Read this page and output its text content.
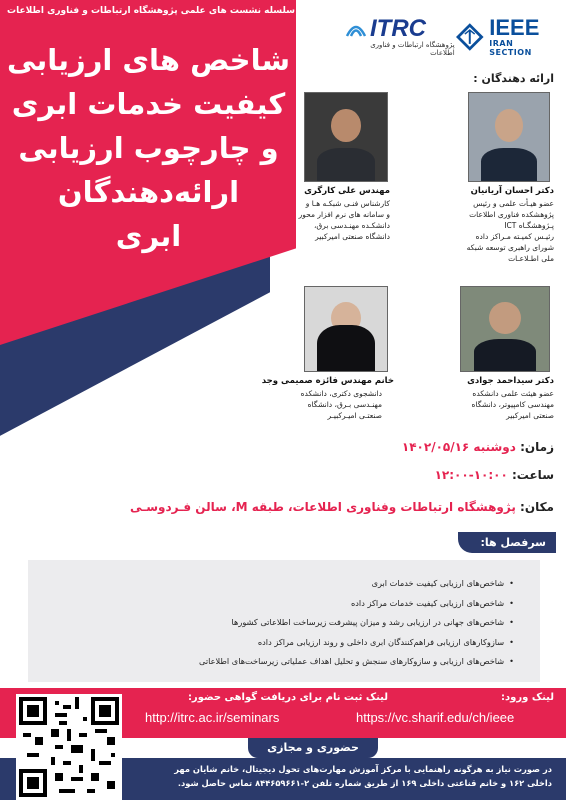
سلسله نشست های علمی پژوهشگاه ارتباطات و فناوری اطلاعات
شاخص های ارزیابی
کیفیت خدمات ابری
و چارچوب ارزیابی
ارائه‌دهندگان
ابری
ITRC
پژوهشگاه ارتباطات و فناوری اطلاعات
IEEE
IRAN SECTION
ارائه دهندگان :
دکتر احسان آریانیان
عضو هیـأت علمی و رئیس
پژوهشکده فناوری اطلاعات
پـژوهشگـاه ICT
رئیـس کمیـته مـراکز داده
شورای راهبری توسعه شبکه
ملی اطـلاعـات
مهندس علی کارگری
کارشناس فنـی شبکـه هـا و
و سامانه های نرم افزار محور
دانشکـده مهنـدسی برق،
دانشگاه صنعتی امیرکبیر
دکتر سیداحمد جوادی
عضو هیئت علمی دانشکده
مهندسی کامپیوتر، دانشگاه
صنعتی امیرکبیر
خانم مهندس فائزه صمیمی وجد
دانشجوی دکتری، دانشکده
مهنـدسی بـرق، دانشگاه
صنعتـی امیـرکبیـر
زمان: دوشنبه ۱۴۰۲/۰۵/۱۶
ساعت: ۱۰:۰۰-۱۲:۰۰
مکان: پژوهشگاه ارتباطات وفناوری اطلاعات، طبقه M، سالن فـردوسـی
سرفصل ها:
• شاخص‌های ارزیابی کیفیت خدمات ابری
• شاخص‌های ارزیابی کیفیت خدمات مراکز داده
• شاخص‌های جهانی در ارزیابی رشد و میزان پیشرفت زیرساخت اطلاعاتی کشورها
• سازوکارهای ارزیابی فراهم‌کنندگان ابری داخلی و روند ارزیابی مراکز داده
• شاخص‌های ارزیابی و سازوکارهای سنجش و تحلیل اهداف عملیاتی زیرساخت‌های اطلاعاتی
لینک ثبت نام برای دریافت گواهی حضور:	لینک ورود:
http://itrc.ac.ir/seminars	https://vc.sharif.edu/ch/ieee
حضوری و مجازی
در صورت نیاز به هرگونه راهنمایی با مرکز آموزش مهارت‌های تحول دیجیتال، خانم شایان مهر
داخلی ۱۶۲ و خانم قناعتی داخلی ۱۶۹ از طریق شماره تلفن ۲-۸۴۴۶۵۹۶۶۱ تماس حاصل شود.
